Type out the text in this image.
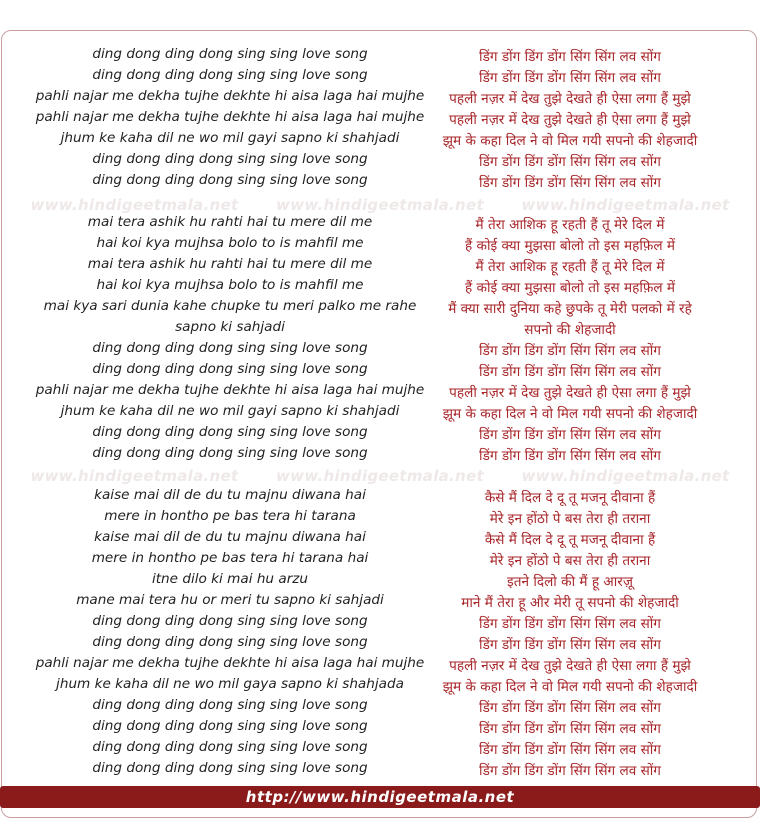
www.hindigeetmala.net	www.hindigeetmala.net	www.hindigeetmala.net
www.hindigeetmala.net	www.hindigeetmala.net	www.hindigeetmala.net
ding dong ding dong sing sing love song	डिंग डोंग डिंग डोंग सिंग सिंग लव सोंग
ding dong ding dong sing sing love song	डिंग डोंग डिंग डोंग सिंग सिंग लव सोंग
pahli najar me dekha tujhe dekhte hi aisa laga hai mujhe	पहली नज़र में देख तुझे देखते ही ऐसा लगा हैं मुझे
pahli najar me dekha tujhe dekhte hi aisa laga hai mujhe	पहली नज़र में देख तुझे देखते ही ऐसा लगा हैं मुझे
jhum ke kaha dil ne wo mil gayi sapno ki shahjadi	झूम के कहा दिल ने वो मिल गयी सपनो की शेहजादी
ding dong ding dong sing sing love song	डिंग डोंग डिंग डोंग सिंग सिंग लव सोंग
ding dong ding dong sing sing love song	डिंग डोंग डिंग डोंग सिंग सिंग लव सोंग
mai tera ashik hu rahti hai tu mere dil me	मैं तेरा आशिक हू रहती हैं तू मेरे दिल में
hai koi kya mujhsa bolo to is mahfil me	हैं कोई क्या मुझसा बोलो तो इस महफ़िल में
mai tera ashik hu rahti hai tu mere dil me	मैं तेरा आशिक हू रहती हैं तू मेरे दिल में
hai koi kya mujhsa bolo to is mahfil me	हैं कोई क्या मुझसा बोलो तो इस महफ़िल में
mai kya sari dunia kahe chupke tu meri palko me rahe	मैं क्या सारी दुनिया कहे छुपके तू मेरी पलको में रहे
sapno ki sahjadi	सपनो की शेहजादी
ding dong ding dong sing sing love song	डिंग डोंग डिंग डोंग सिंग सिंग लव सोंग
ding dong ding dong sing sing love song	डिंग डोंग डिंग डोंग सिंग सिंग लव सोंग
pahli najar me dekha tujhe dekhte hi aisa laga hai mujhe	पहली नज़र में देख तुझे देखते ही ऐसा लगा हैं मुझे
jhum ke kaha dil ne wo mil gayi sapno ki shahjadi	झूम के कहा दिल ने वो मिल गयी सपनो की शेहजादी
ding dong ding dong sing sing love song	डिंग डोंग डिंग डोंग सिंग सिंग लव सोंग
ding dong ding dong sing sing love song	डिंग डोंग डिंग डोंग सिंग सिंग लव सोंग
kaise mai dil de du tu majnu diwana hai	कैसे मैं दिल दे दू तू मजनू दीवाना हैं
mere in hontho pe bas tera hi tarana	मेरे इन होंठो पे बस तेरा ही तराना
kaise mai dil de du tu majnu diwana hai	कैसे मैं दिल दे दू तू मजनू दीवाना हैं
mere in hontho pe bas tera hi tarana hai	मेरे इन होंठो पे बस तेरा ही तराना
itne dilo ki mai hu arzu	इतने दिलो की मैं हू आरज़ू
mane mai tera hu or meri tu sapno ki sahjadi	माने मैं तेरा हू और मेरी तू सपनो की शेहजादी
ding dong ding dong sing sing love song	डिंग डोंग डिंग डोंग सिंग सिंग लव सोंग
ding dong ding dong sing sing love song	डिंग डोंग डिंग डोंग सिंग सिंग लव सोंग
pahli najar me dekha tujhe dekhte hi aisa laga hai mujhe	पहली नज़र में देख तुझे देखते ही ऐसा लगा हैं मुझे
jhum ke kaha dil ne wo mil gaya sapno ki shahjada	झूम के कहा दिल ने वो मिल गयी सपनो की शेहजादी
ding dong ding dong sing sing love song	डिंग डोंग डिंग डोंग सिंग सिंग लव सोंग
ding dong ding dong sing sing love song	डिंग डोंग डिंग डोंग सिंग सिंग लव सोंग
ding dong ding dong sing sing love song	डिंग डोंग डिंग डोंग सिंग सिंग लव सोंग
ding dong ding dong sing sing love song	डिंग डोंग डिंग डोंग सिंग सिंग लव सोंग
http://www.hindigeetmala.net
